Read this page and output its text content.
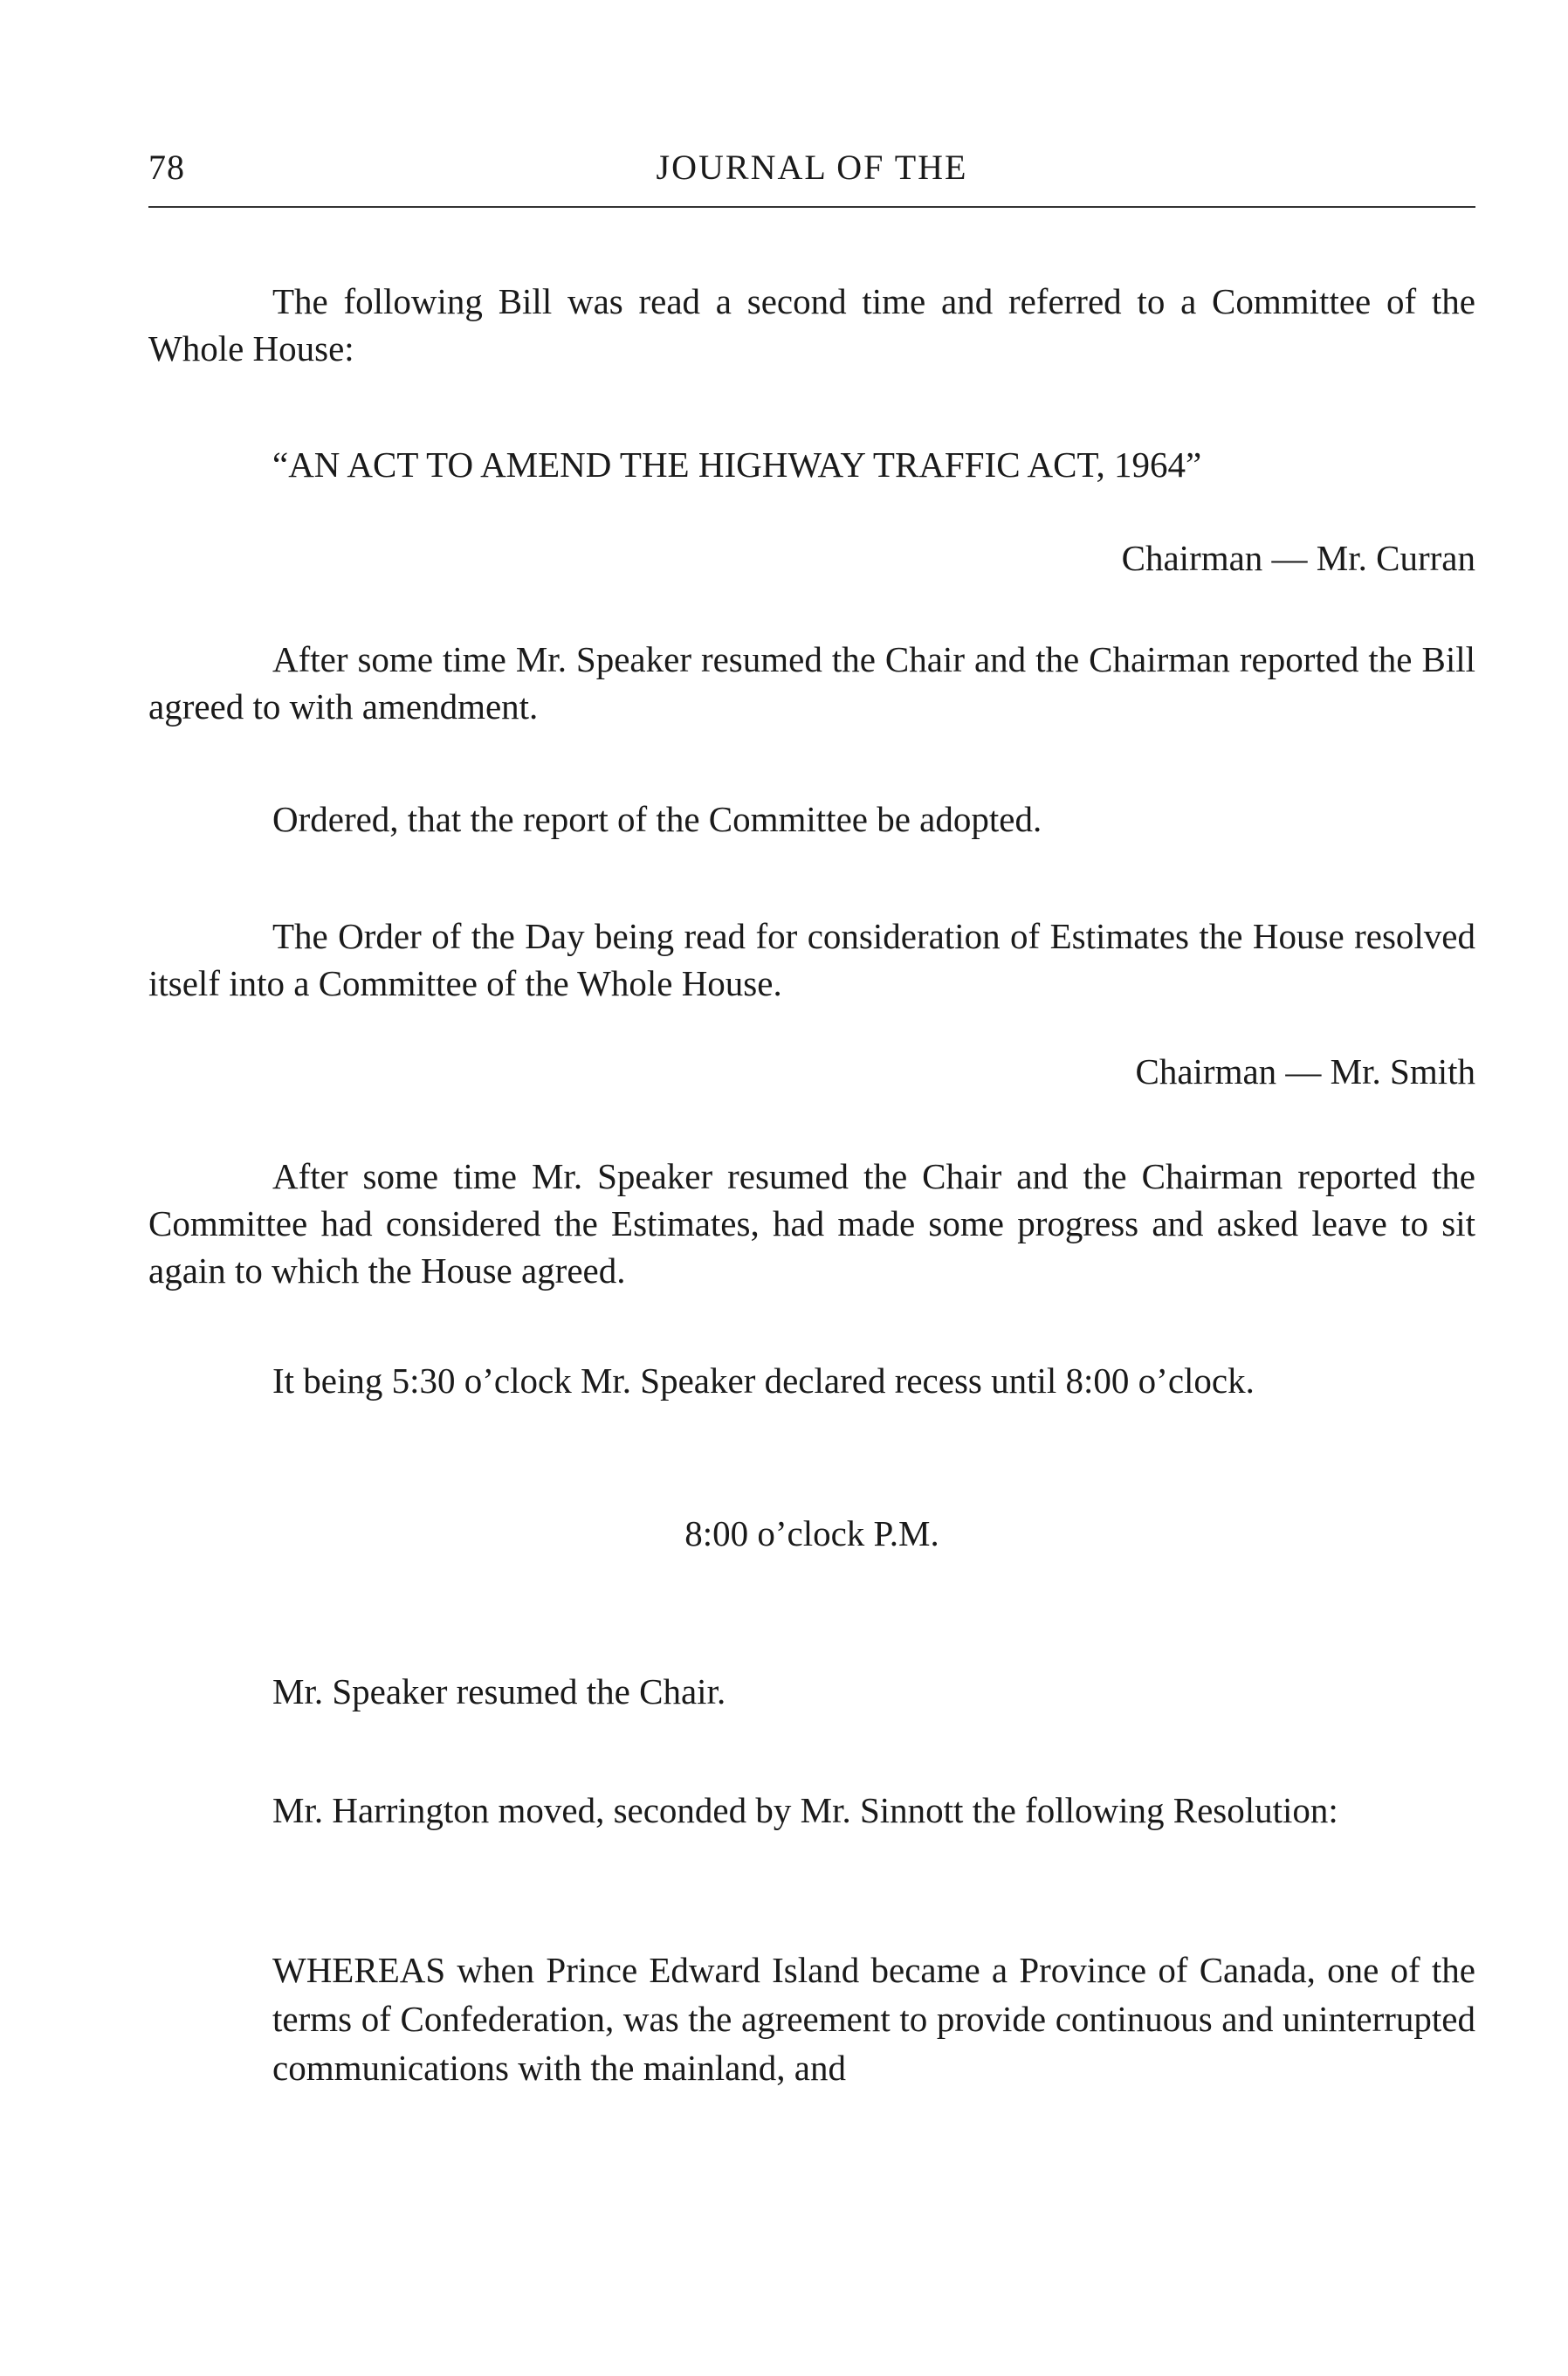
78	JOURNAL OF THE

The following Bill was read a second time and referred to a Committee of the Whole House:

“AN ACT TO AMEND THE HIGHWAY TRAFFIC ACT, 1964”

Chairman — Mr. Curran

After some time Mr. Speaker resumed the Chair and the Chairman reported the Bill agreed to with amendment.

Ordered, that the report of the Committee be adopted.

The Order of the Day being read for consideration of Estimates the House resolved itself into a Committee of the Whole House.

Chairman — Mr. Smith

After some time Mr. Speaker resumed the Chair and the Chairman reported the Committee had considered the Estimates, had made some progress and asked leave to sit again to which the House agreed.

It being 5:30 o’clock Mr. Speaker declared recess until 8:00 o’clock.

8:00 o’clock P.M.

Mr. Speaker resumed the Chair.

Mr. Harrington moved, seconded by Mr. Sinnott the following Resolution:

WHEREAS when Prince Edward Island became a Province of Canada, one of the terms of Confederation, was the agreement to provide continuous and uninterrupted communications with the mainland, and
